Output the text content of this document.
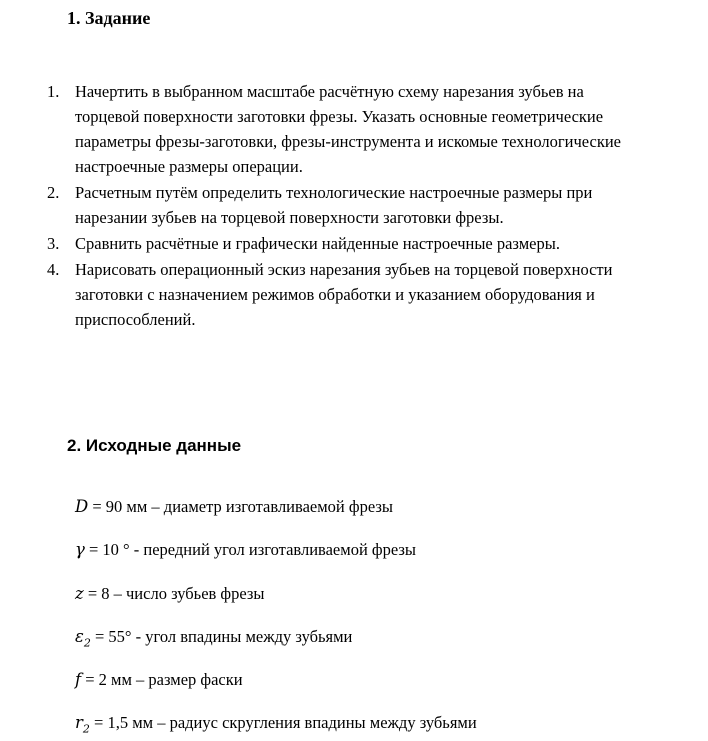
1. Задание
1. Начертить в выбранном масштабе расчётную схему нарезания зубьев на торцевой поверхности заготовки фрезы. Указать основные геометрические параметры фрезы-заготовки, фрезы-инструмента и искомые технологические настроечные размеры операции.
2. Расчетным путём определить технологические настроечные размеры при нарезании зубьев на торцевой поверхности заготовки фрезы.
3. Сравнить расчётные и графически найденные настроечные размеры.
4. Нарисовать операционный эскиз нарезания зубьев на торцевой поверхности заготовки с назначением режимов обработки и указанием оборудования и приспособлений.
2. Исходные данные
D = 90 мм – диаметр изготавливаемой фрезы
γ = 10 ° - передний угол изготавливаемой фрезы
z = 8 – число зубьев фрезы
$\varepsilon_2 = 55^\circ$ - угол впадины между зубьями
f = 2 мм – размер фаски
$r_2 = 1,5$ мм – радиус скругления впадины между зубьями
